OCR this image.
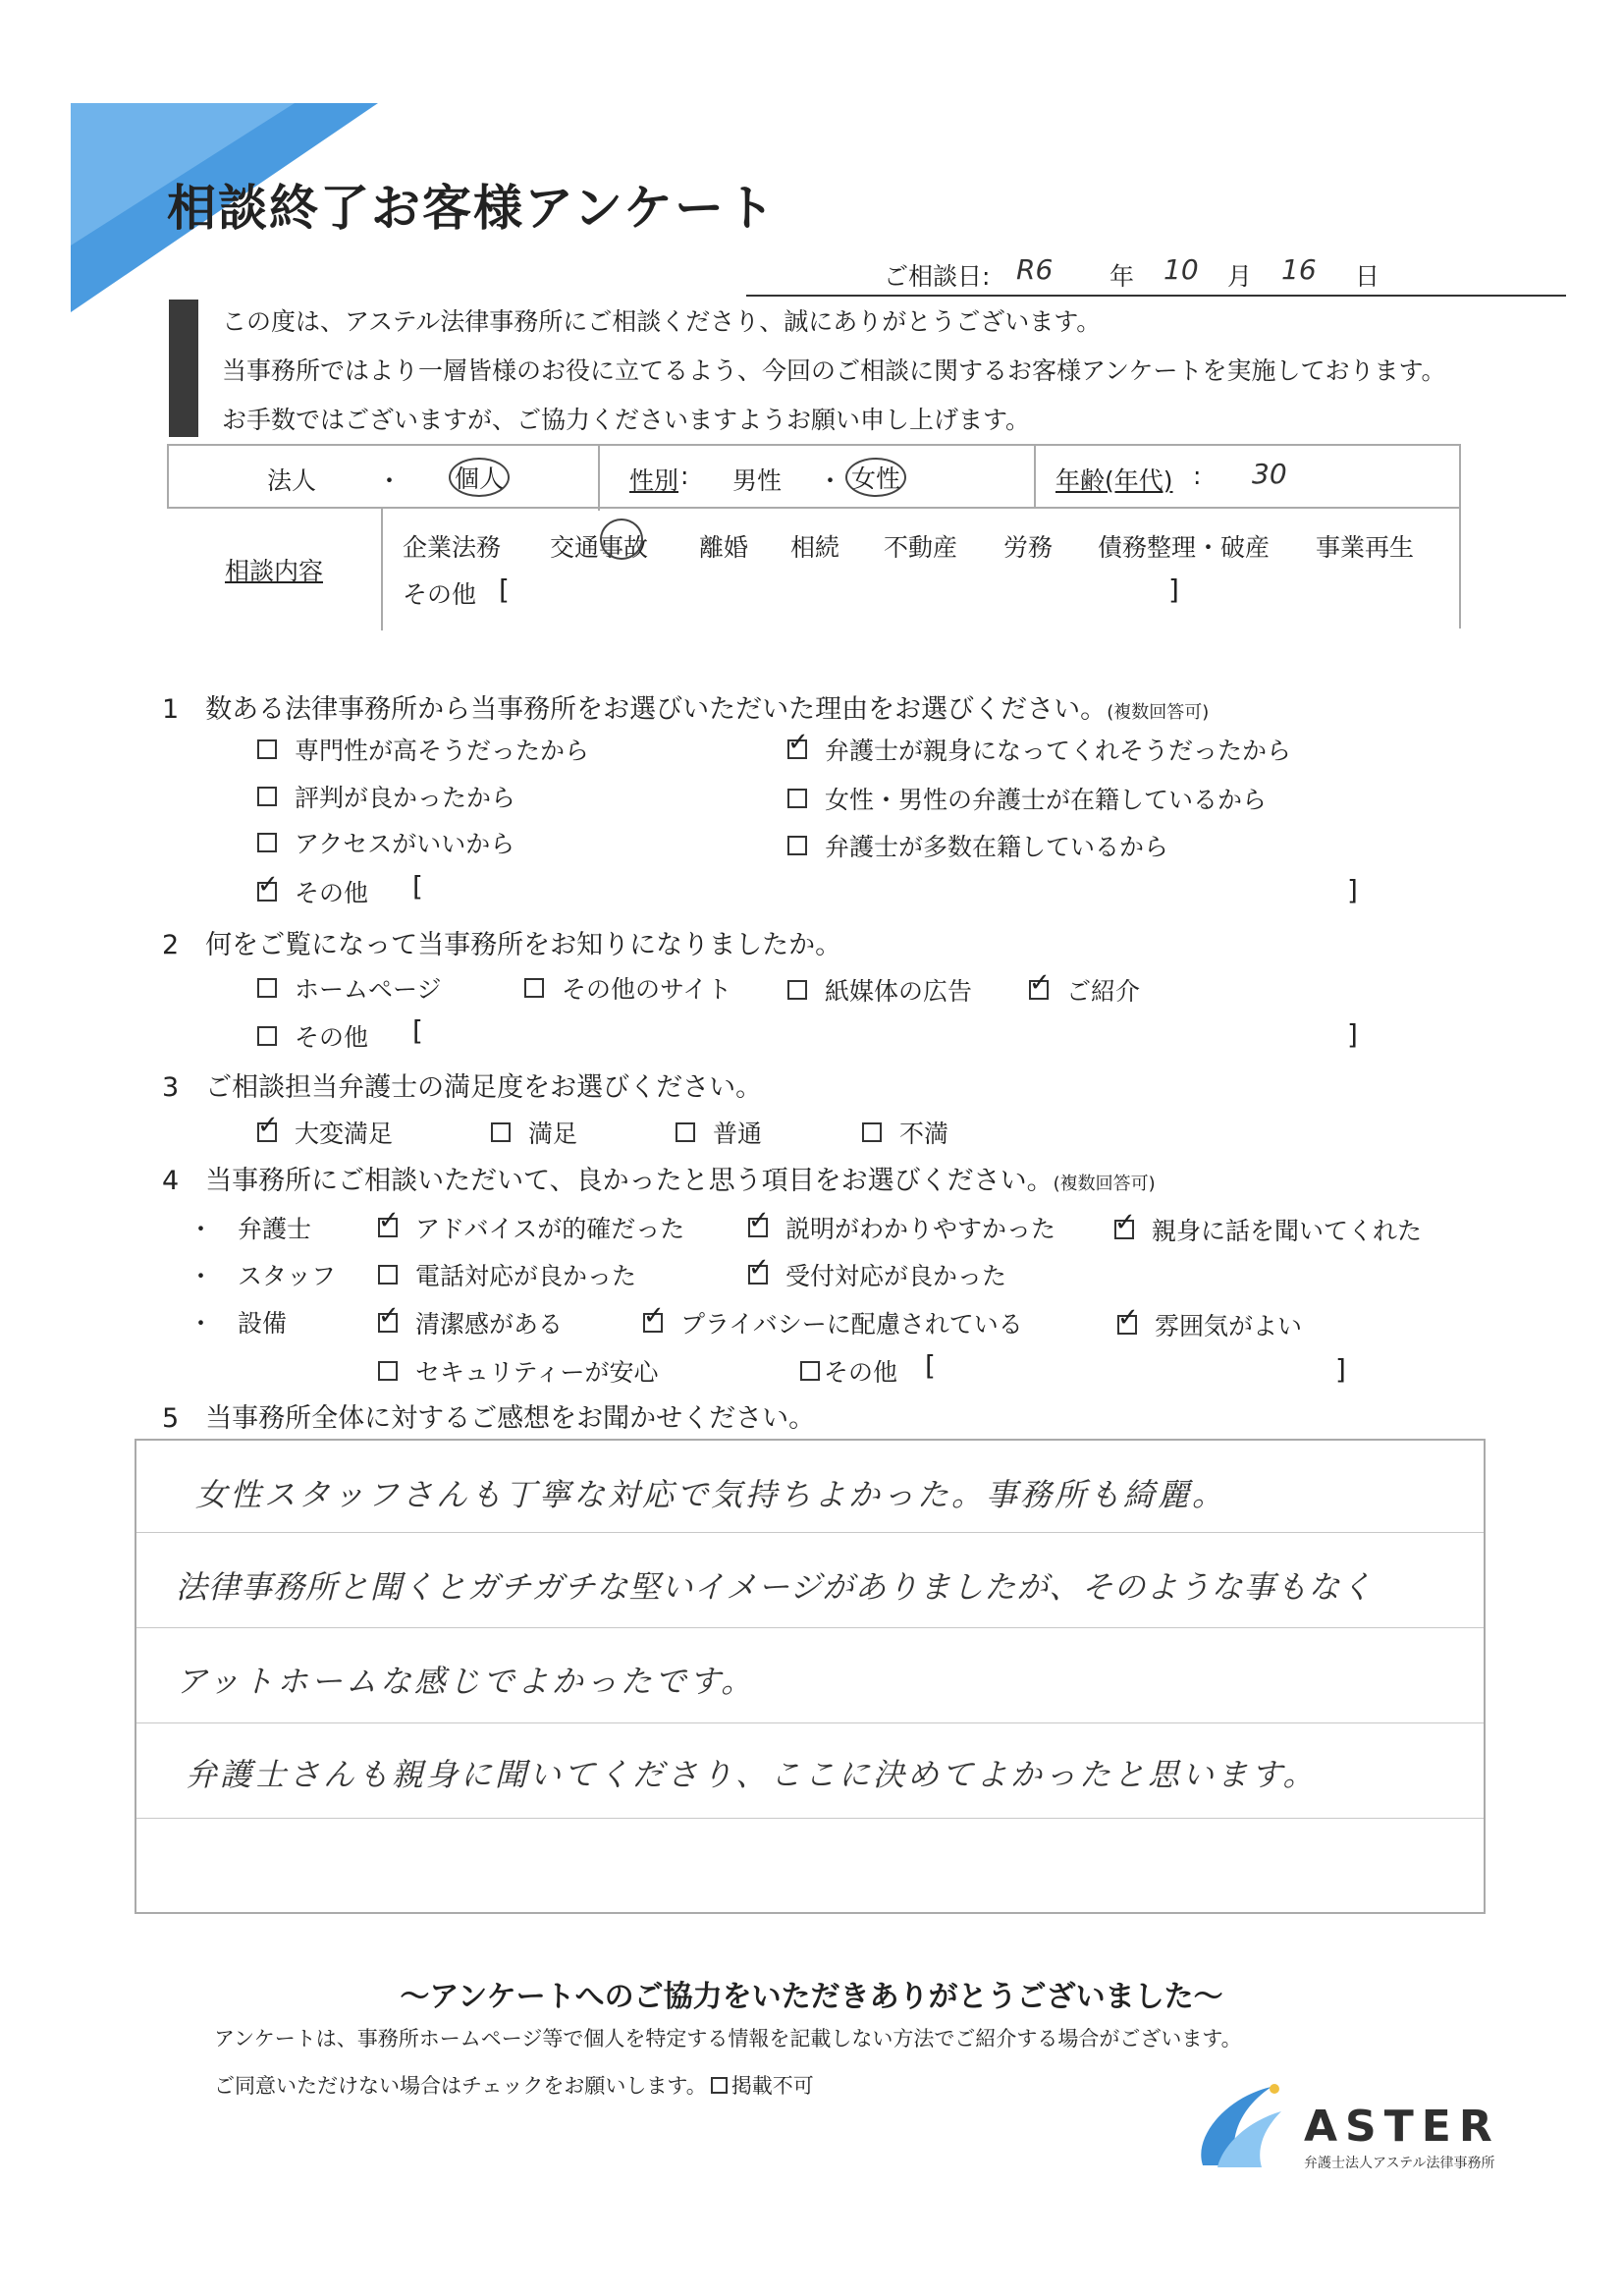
相談終了お客様アンケート
ご相談日: R6 年 10 月 16 日
この度は、アステル法律事務所にご相談くださり、誠にありがとうございます。
当事務所ではより一層皆様のお役に立てるよう、今回のご相談に関するお客様アンケートを実施しております。
お手数ではございますが、ご協力くださいますようお願い申し上げます。
法人 ・ 個人	性別 : 男性 ・ 女性	年齢(年代) : 30

相談内容
企業法務 交通事故 離婚 相続 不動産 労務 債務整理・破産 事業再生
その他 [	]
1　数ある法律事務所から当事務所をお選びいただいた理由をお選びください。(複数回答可)
専門性が高そうだったから ✓	弁護士が親身になってくれそうだったから
評判が良かったから	女性・男性の弁護士が在籍しているから
アクセスがいいから	弁護士が多数在籍しているから
✓
その他 [	]
2　何をご覧になって当事務所をお知りになりましたか。
ホームページ	その他のサイト	紙媒体の広告 ✓	ご紹介
その他 [	]
3　ご相談担当弁護士の満足度をお選びください。
✓
大変満足	満足	普通	不満
4　当事務所にご相談いただいて、良かったと思う項目をお選びください。(複数回答可)
・ 弁護士 ✓	アドバイスが的確だった ✓	説明がわかりやすかった ✓	親身に話を聞いてくれた
・ スタッフ	電話対応が良かった ✓	受付対応が良かった
・ 設備 ✓	清潔感がある ✓	プライバシーに配慮されている ✓	雰囲気がよい
セキュリティーが安心	その他 [	]
5　当事務所全体に対するご感想をお聞かせください。
女性スタッフさんも丁寧な対応で気持ちよかった。事務所も綺麗。
法律事務所と聞くとガチガチな堅いイメージがありましたが、そのような事もなく
アットホームな感じでよかったです。
弁護士さんも親身に聞いてくださり、ここに決めてよかったと思います。
〜アンケートへのご協力をいただきありがとうございました〜
アンケートは、事務所ホームページ等で個人を特定する情報を記載しない方法でご紹介する場合がございます。
ご同意いただけない場合はチェックをお願いします。 掲載不可
ASTER
弁護士法人アステル法律事務所
